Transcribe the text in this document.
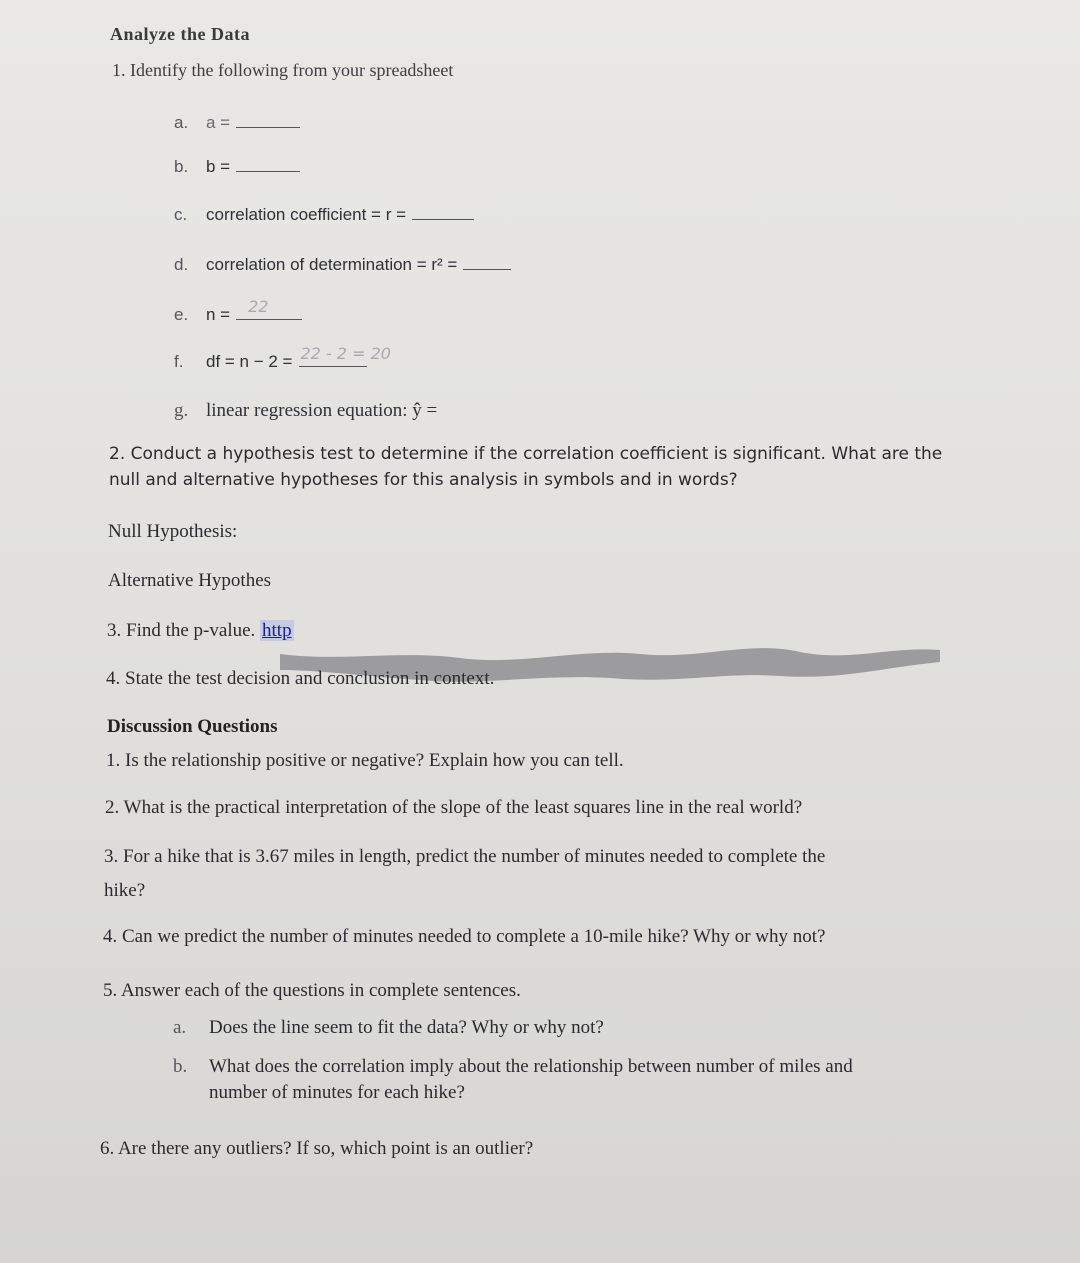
Analyze the Data
1. Identify the following from your spreadsheet
a. a =
b. b =
c. correlation coefficient = r =
d. correlation of determination = r² =
e. n = 22
f. df = n − 2 = 22 - 2 = 20
g. linear regression equation: ŷ =
2. Conduct a hypothesis test to determine if the correlation coefficient is significant. What are the
null and alternative hypotheses for this analysis in symbols and in words?
Null Hypothesis:
Alternative Hypothes
3. Find the p-value. http
4. State the test decision and conclusion in context.
Discussion Questions
1. Is the relationship positive or negative? Explain how you can tell.
2. What is the practical interpretation of the slope of the least squares line in the real world?
3. For a hike that is 3.67 miles in length, predict the number of minutes needed to complete the
hike?
4. Can we predict the number of minutes needed to complete a 10-mile hike? Why or why not?
5. Answer each of the questions in complete sentences.
a. Does the line seem to fit the data? Why or why not?
b. What does the correlation imply about the relationship between number of miles and
number of minutes for each hike?
6. Are there any outliers? If so, which point is an outlier?
